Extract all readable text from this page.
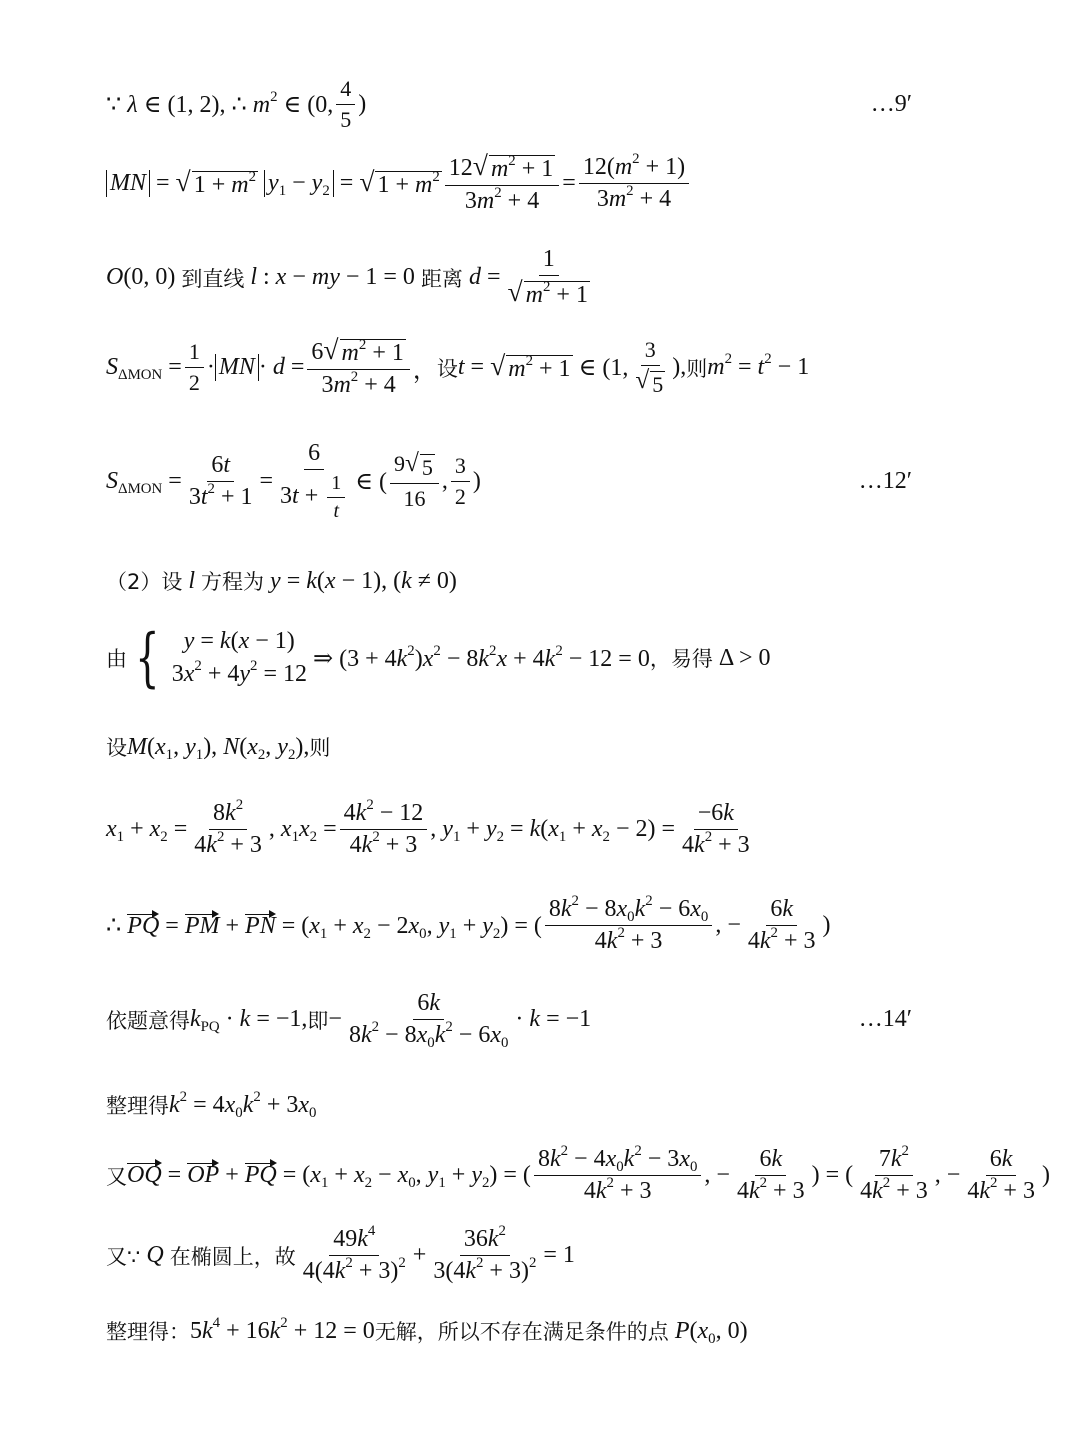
∵ λ ∈ (1, 2), ∴ $m^2$ ∈ (0, $\frac{4}{5}$ )	…9′
MN = √ $1 + m^2$
$y_1 - y_2$ = √ $1 + m^2 \frac{12 √ m^2 + 1}{3m^2 + 4} = \frac{12(m^2 + 1)}{3m^2 + 4}$
O(0, 0) 到直线 l : x − my − 1 = 0 距离 $d = \frac{1}{√ m^2 + 1}$
$S_{\Delta MON} = \frac{1}{2}$ · MN · $d = \frac{6 √ m^2 + 1}{3m^2 + 4}$ ， 设 t = √ $m^2 + 1$ ∈ (1, $\frac{3}{√ 5}$ ), 则 $m^2 = t^2 - 1$
$S_{\Delta MON} = \frac{6t}{3t^2 + 1} = \frac{6}{3t + \frac{1}{t}}$ ∈ ( $\frac{9 √ 5}{16}$ , $\frac{3}{2}$ )	…12′
（2）设 l 方程为 y = k(x − 1), (k ≠ 0)
由 {	y = k(x − 1)
$3x^2 + 4y^2 = 12$
⇒ $(3 + 4k^2)x^2 - 8k^2x + 4k^2 - 12 = 0$ ，易得 Δ > 0
设 $M(x_1$, $y_1$), $N(x_2$, $y_2$), 则
$x_1 + x_2 = \frac{8k^2}{4k^2 + 3}$ , $x_1x_2 = \frac{4k^2 - 12}{4k^2 + 3}$ , $y_1 + y_2 = k(x_1 + x_2 - 2) = \frac{-6k}{4k^2 + 3}$
∴ PQ = PM + PN = ($x_1 + x_2 - 2x_0$, $y_1 + y_2$) = ( $\frac{8k^2 - 8x_0k^2 - 6x_0}{4k^2 + 3}$ , − $\frac{6k}{4k^2 + 3}$ )
依题意得 $k_{PQ} \cdot k = -1$, 即 − $\frac{6k}{8k^2 - 8x_0k^2 - 6x_0} \cdot k = -1$	…14′
整理得 $k^2 = 4x_0k^2 + 3x_0$
又 OQ = OP + PQ = ($x_1 + x_2 - x_0$, $y_1 + y_2$) = ( $\frac{8k^2 - 4x_0k^2 - 3x_0}{4k^2 + 3}$ , − $\frac{6k}{4k^2 + 3}$ ) = ( $\frac{7k^2}{4k^2 + 3}$ , − $\frac{6k}{4k^2 + 3}$ )
又∵ Q 在椭圆上，故 $\frac{49k^4}{4(4k^2 + 3)^2} + \frac{36k^2}{3(4k^2 + 3)^2} = 1$
整理得： $5k^4 + 16k^2 + 12 = 0$ 无解，所以不存在满足条件的点 $P(x_0$, 0)
